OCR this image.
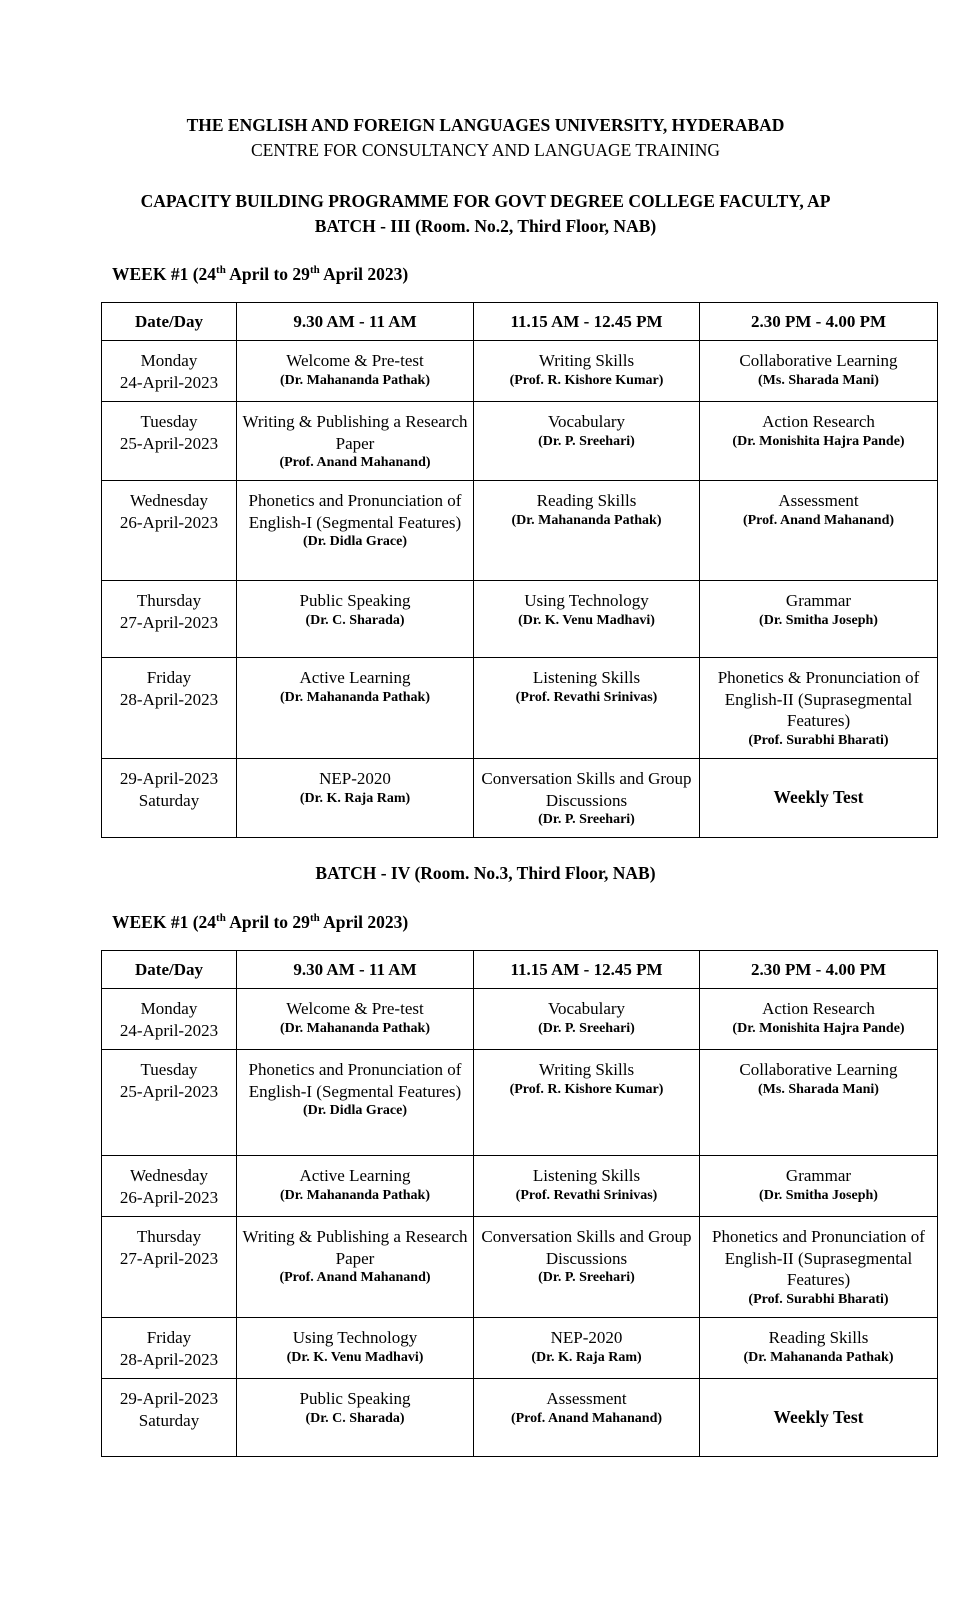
THE ENGLISH AND FOREIGN LANGUAGES UNIVERSITY, HYDERABAD
CENTRE FOR CONSULTANCY AND LANGUAGE TRAINING
CAPACITY BUILDING PROGRAMME FOR GOVT DEGREE COLLEGE FACULTY, AP
BATCH - III (Room. No.2, Third Floor, NAB)
WEEK #1 (24th April to 29th April 2023)
Date/Day	9.30 AM - 11 AM	11.15 AM - 12.45 PM	2.30 PM - 4.00 PM

Monday
24-April-2023	Welcome & Pre-test
(Dr. Mahananda Pathak)	Writing Skills
(Prof. R. Kishore Kumar)	Collaborative Learning
(Ms. Sharada Mani)

Tuesday
25-April-2023	Writing & Publishing a Research Paper
(Prof. Anand Mahanand)	Vocabulary
(Dr. P. Sreehari)	Action Research
(Dr. Monishita Hajra Pande)

Wednesday
26-April-2023	Phonetics and Pronunciation of English-I (Segmental Features)
(Dr. Didla Grace)	Reading Skills
(Dr. Mahananda Pathak)	Assessment
(Prof. Anand Mahanand)

Thursday
27-April-2023	Public Speaking
(Dr. C. Sharada)	Using Technology
(Dr. K. Venu Madhavi)	Grammar
(Dr. Smitha Joseph)

Friday
28-April-2023	Active Learning
(Dr. Mahananda Pathak)	Listening Skills
(Prof. Revathi Srinivas)	Phonetics & Pronunciation of English-II (Suprasegmental Features)
(Prof. Surabhi Bharati)

29-April-2023
Saturday	NEP-2020
(Dr. K. Raja Ram)	Conversation Skills and Group Discussions
(Dr. P. Sreehari)	Weekly Test
BATCH - IV (Room. No.3, Third Floor, NAB)
WEEK #1 (24th April to 29th April 2023)
Date/Day	9.30 AM - 11 AM	11.15 AM - 12.45 PM	2.30 PM - 4.00 PM

Monday
24-April-2023	Welcome & Pre-test
(Dr. Mahananda Pathak)	Vocabulary
(Dr. P. Sreehari)	Action Research
(Dr. Monishita Hajra Pande)

Tuesday
25-April-2023	Phonetics and Pronunciation of English-I (Segmental Features)
(Dr. Didla Grace)	Writing Skills
(Prof. R. Kishore Kumar)	Collaborative Learning
(Ms. Sharada Mani)

Wednesday
26-April-2023	Active Learning
(Dr. Mahananda Pathak)	Listening Skills
(Prof. Revathi Srinivas)	Grammar
(Dr. Smitha Joseph)

Thursday
27-April-2023	Writing & Publishing a Research Paper
(Prof. Anand Mahanand)	Conversation Skills and Group Discussions
(Dr. P. Sreehari)	Phonetics and Pronunciation of English-II (Suprasegmental Features)
(Prof. Surabhi Bharati)

Friday
28-April-2023	Using Technology
(Dr. K. Venu Madhavi)	NEP-2020
(Dr. K. Raja Ram)	Reading Skills
(Dr. Mahananda Pathak)

29-April-2023
Saturday	Public Speaking
(Dr. C. Sharada)	Assessment
(Prof. Anand Mahanand)	Weekly Test
